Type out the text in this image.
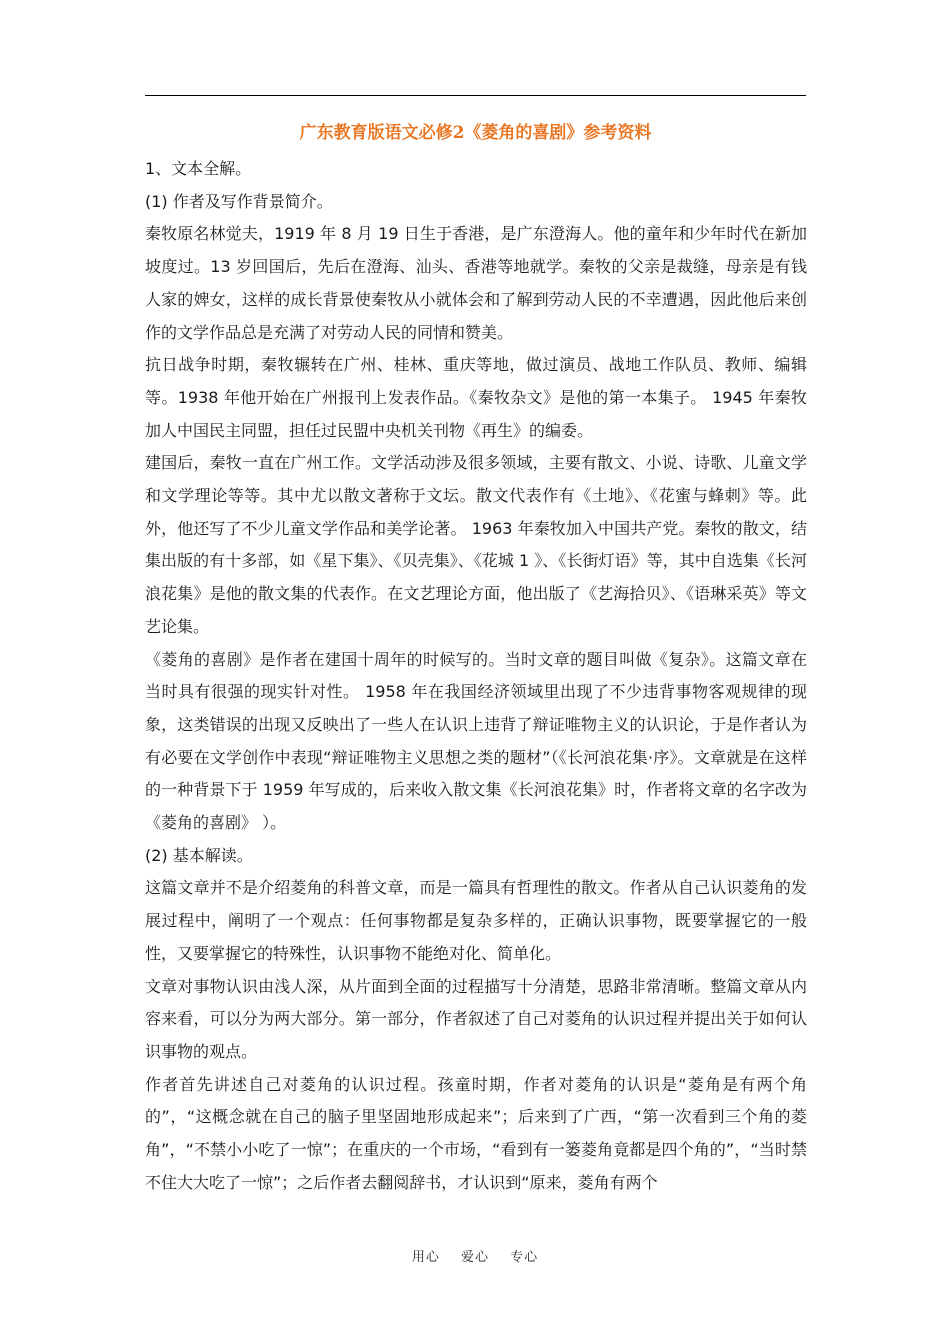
广东教育版语文必修2《菱角的喜剧》参考资料

1、文本全解。

(1) 作者及写作背景简介。

秦牧原名林觉夫，1919 年 8 月 19 日生于香港，是广东澄海人。他的童年和少年时代在新加坡度过。13 岁回国后，先后在澄海、汕头、香港等地就学。秦牧的父亲是裁缝，母亲是有钱人家的婢女，这样的成长背景使秦牧从小就体会和了解到劳动人民的不幸遭遇，因此他后来创作的文学作品总是充满了对劳动人民的同情和赞美。

抗日战争时期，秦牧辗转在广州、桂林、重庆等地，做过演员、战地工作队员、教师、编辑等。1938 年他开始在广州报刊上发表作品。《秦牧杂文》是他的第一本集子。 1945 年秦牧加人中国民主同盟，担任过民盟中央机关刊物《再生》的编委。

建国后，秦牧一直在广州工作。文学活动涉及很多领域，主要有散文、小说、诗歌、儿童文学和文学理论等等。其中尤以散文著称于文坛。散文代表作有《土地》、《花蜜与蜂刺》等。此外，他还写了不少儿童文学作品和美学论著。 1963 年秦牧加入中国共产党。秦牧的散文，结集出版的有十多部，如《星下集》、《贝壳集》、《花城 1 》、《长街灯语》等，其中自选集《长河浪花集》是他的散文集的代表作。在文艺理论方面，他出版了《艺海拾贝》、《语琳采英》等文艺论集。

《菱角的喜剧》是作者在建国十周年的时候写的。当时文章的题目叫做《复杂》。这篇文章在当时具有很强的现实针对性。 1958 年在我国经济领域里出现了不少违背事物客观规律的现象，这类错误的出现又反映出了一些人在认识上违背了辩证唯物主义的认识论，于是作者认为有必要在文学创作中表现“辩证唯物主义思想之类的题材”（《长河浪花集·序》。文章就是在这样的一种背景下于 1959 年写成的，后来收入散文集《长河浪花集》时，作者将文章的名字改为《菱角的喜剧》 ）。

(2) 基本解读。

这篇文章并不是介绍菱角的科普文章，而是一篇具有哲理性的散文。作者从自己认识菱角的发展过程中，阐明了一个观点：任何事物都是复杂多样的，正确认识事物，既要掌握它的一般性，又要掌握它的特殊性，认识事物不能绝对化、简单化。

文章对事物认识由浅人深，从片面到全面的过程描写十分清楚，思路非常清晰。整篇文章从内容来看，可以分为两大部分。第一部分，作者叙述了自己对菱角的认识过程并提出关于如何认识事物的观点。

作者首先讲述自己对菱角的认识过程。孩童时期，作者对菱角的认识是“菱角是有两个角的”，“这概念就在自己的脑子里坚固地形成起来”；后来到了广西，“第一次看到三个角的菱角”，“不禁小小吃了一惊”；在重庆的一个市场，“看到有一篓菱角竟都是四个角的”，“当时禁不住大大吃了一惊”；之后作者去翻阅辞书，才认识到“原来，菱角有两个

用心 爱心 专心
